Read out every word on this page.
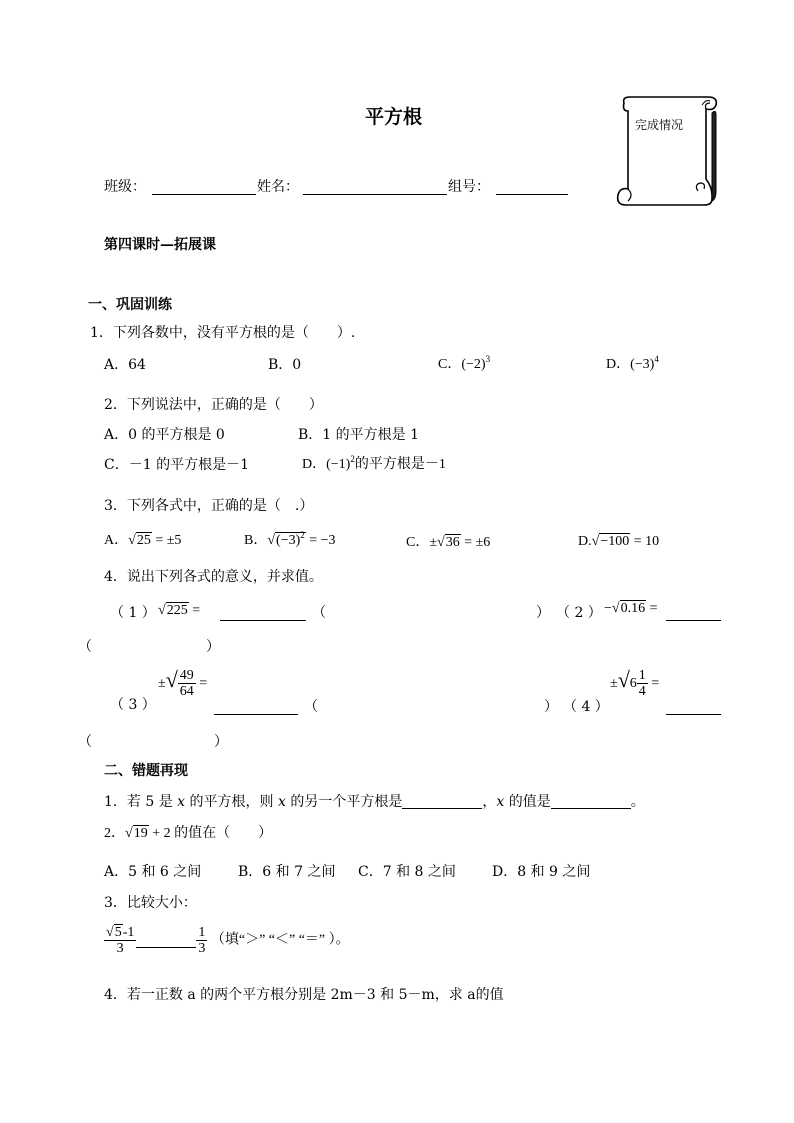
平方根	完成情况
班级：	姓名：	组号：
第四课时—拓展课
一、巩固训练
1．下列各数中，没有平方根的是（　　）.
A．64	B．0	C．$(-2)^3$	D．$(-3)^4$
2．下列说法中，正确的是（　　）
A．0 的平方根是 0	B．1 的平方根是 1
C．－1 的平方根是－1	D．$(-1)^2$的平方根是－1
3．下列各式中，正确的是（　.）
A．√25 = ±5	B．$√(-3)^2 = -3$	C．±√36 = ±6	D.√−100 = 10
4．说出下列各式的意义，并求值。
（ 1 ） √225 =	（	） （ 2 ） −√0.16 =
（	）
（ 3 ）
±√ $\frac{49}{64}$ =
（	） （ 4 ）
$\pm√6 \frac{1}{4}$ =
（	）
二、错题再现
1．若 5 是 x 的平方根，则 x 的另一个平方根是	，x 的值是	。
2．√19 + 2 的值在（　　）
A．5 和 6 之间	B．6 和 7 之间 C．7 和 8 之间	D．8 和 9 之间
3．比较大小：
$\frac{√5-1}{3}$	$\frac{1}{3}$ （填“＞” “＜” “＝” ）。
4．若一正数 a 的两个平方根分别是 2m－3 和 5－m，求 a的值
